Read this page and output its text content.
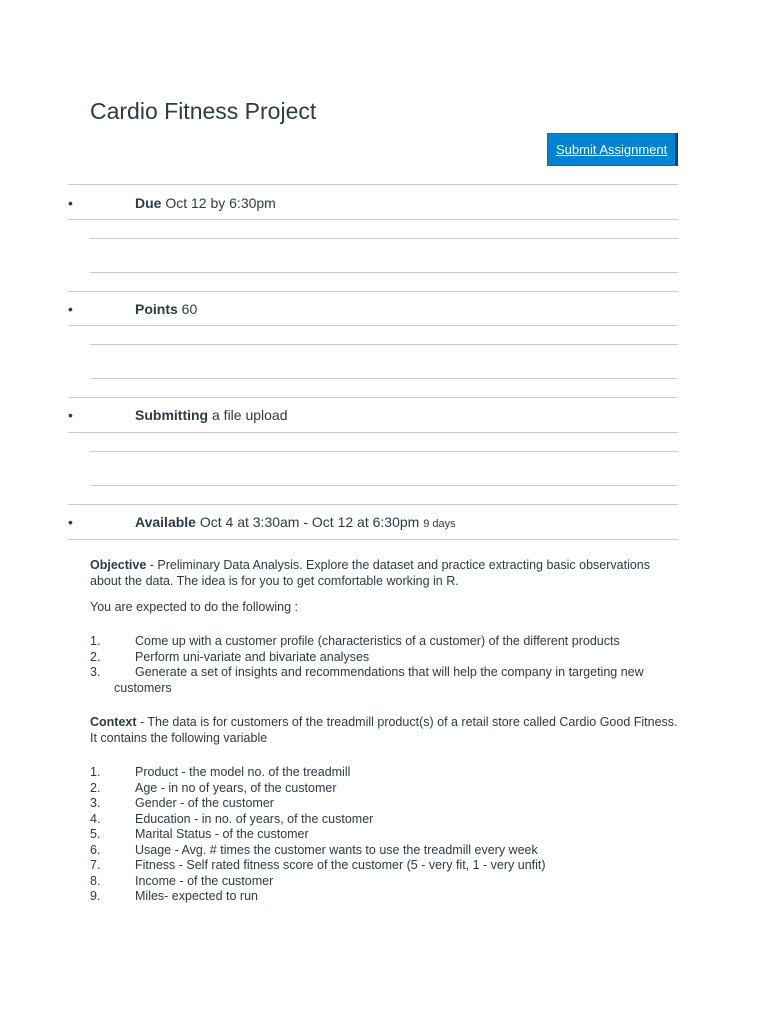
Cardio Fitness Project
Submit Assignment
•	Due Oct 12 by 6:30pm
•	Points 60
•	Submitting a file upload
•	Available Oct 4 at 3:30am - Oct 12 at 6:30pm 9 days
Objective - Preliminary Data Analysis. Explore the dataset and practice extracting basic observations about the data. The idea is for you to get comfortable working in R.
You are expected to do the following :
1.	Come up with a customer profile (characteristics of a customer) of the different products
2.	Perform uni-variate and bivariate analyses
3.	Generate a set of insights and recommendations that will help the company in targeting new
customers
Context - The data is for customers of the treadmill product(s) of a retail store called Cardio Good Fitness. It contains the following variable
1.	Product - the model no. of the treadmill
2.	Age - in no of years, of the customer
3.	Gender - of the customer
4.	Education - in no. of years, of the customer
5.	Marital Status - of the customer
6.	Usage - Avg. # times the customer wants to use the treadmill every week
7.	Fitness - Self rated fitness score of the customer (5 - very fit, 1 - very unfit)
8.	Income - of the customer
9.	Miles- expected to run
